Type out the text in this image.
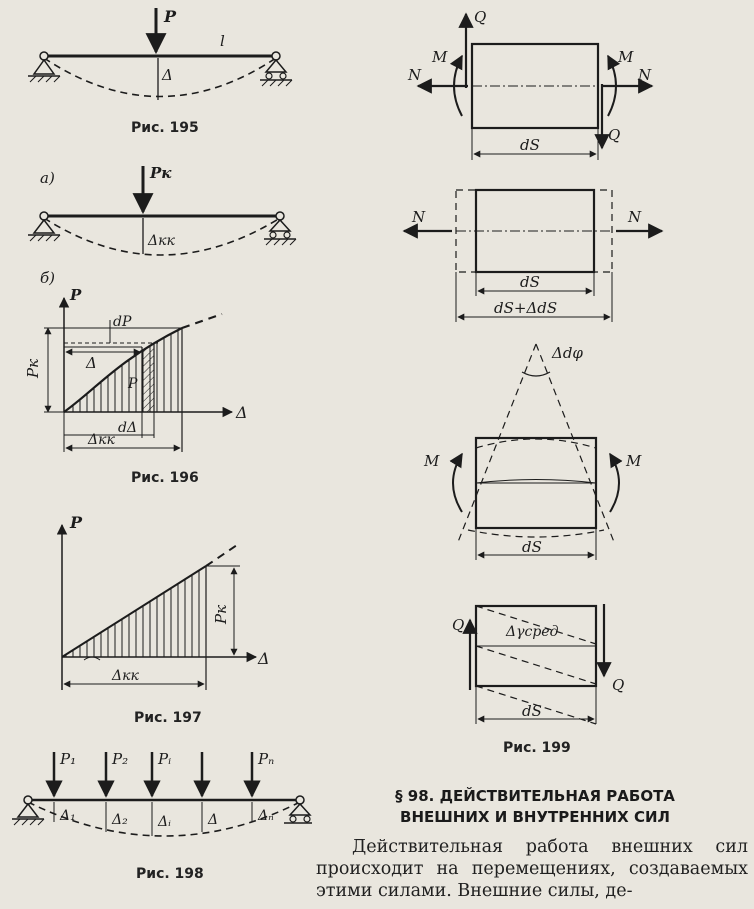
P
l
Δ
а)	Pк
Δкк
б)
P
Δ
dP
Δ
P
dΔ
Δкк
Pк
P
Δ
Pк
Δкк
P₁ P₂ Pᵢ	Pₙ
Δ₁	Δ₂ Δᵢ	Δ	Δₙ
Q
M
N
M
N
Q
dS
N	N
dS
dS+ΔdS
Δdφ
M	M
dS
Q
Q
Δγсред
dS
Рис. 195
Рис. 196
Рис. 197
Рис. 198
Рис. 199
§ 98. ДЕЙСТВИТЕЛЬНАЯ РАБОТА
ВНЕШНИХ И ВНУТРЕННИХ СИЛ
Действительная работа внешних сил происходит на перемещениях, создаваемых этими силами. Внешние силы, де-
